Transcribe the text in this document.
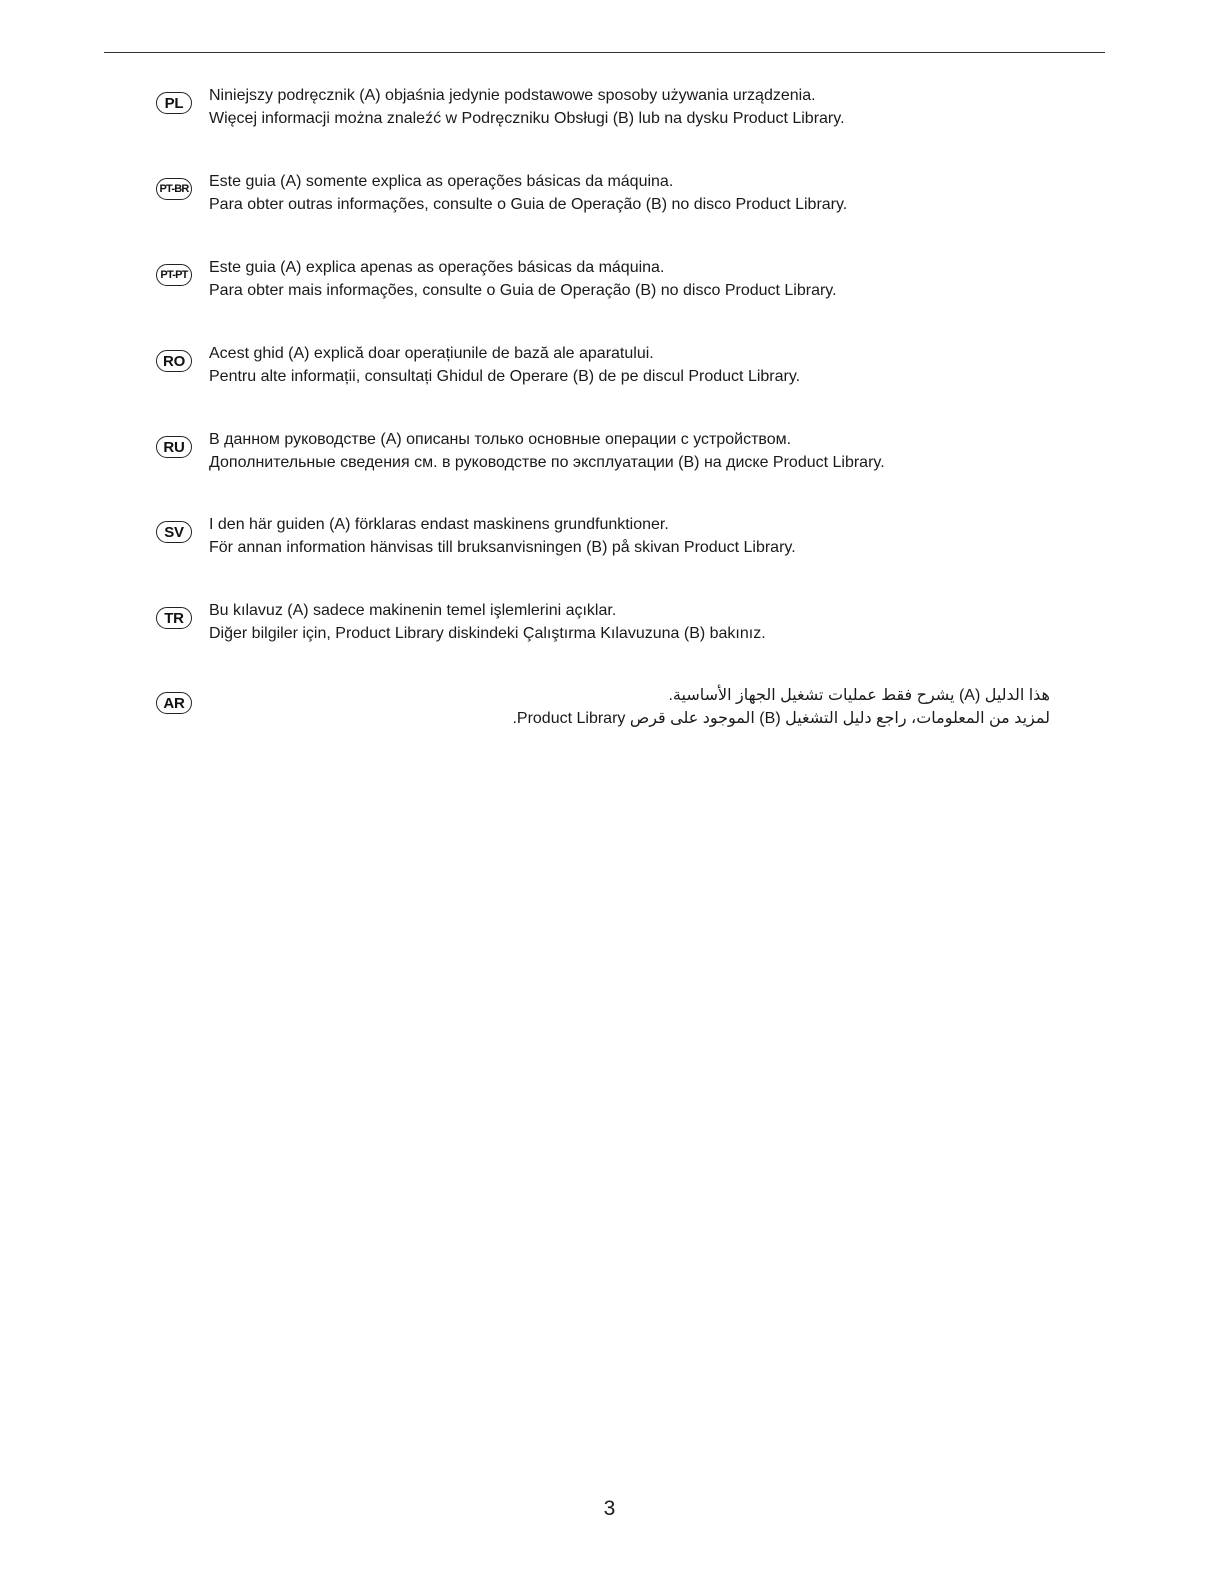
PL	Niniejszy podręcznik (A) objaśnia jedynie podstawowe sposoby używania urządzenia.
Więcej informacji można znaleźć w Podręczniku Obsługi (B) lub na dysku Product Library.
PT-BR Este guia (A) somente explica as operações básicas da máquina.
Para obter outras informações, consulte o Guia de Operação (B) no disco Product Library.
PT-PT Este guia (A) explica apenas as operações básicas da máquina.
Para obter mais informações, consulte o Guia de Operação (B) no disco Product Library.
RO	Acest ghid (A) explică doar operațiunile de bază ale aparatului.
Pentru alte informații, consultați Ghidul de Operare (B) de pe discul Product Library.
RU	В данном руководстве (A) описаны только основные операции с устройством.
Дополнительные сведения см. в руководстве по эксплуатации (B) на диске Product Library.
SV	I den här guiden (A) förklaras endast maskinens grundfunktioner.
För annan information hänvisas till bruksanvisningen (B) på skivan Product Library.
TR	Bu kılavuz (A) sadece makinenin temel işlemlerini açıklar.
Diğer bilgiler için, Product Library diskindeki Çalıştırma Kılavuzuna (B) bakınız.
AR	هذا الدليل (A) يشرح فقط عمليات تشغيل الجهاز الأساسية.
لمزيد من المعلومات، راجع دليل التشغيل (B) الموجود على قرص Product Library.
3
